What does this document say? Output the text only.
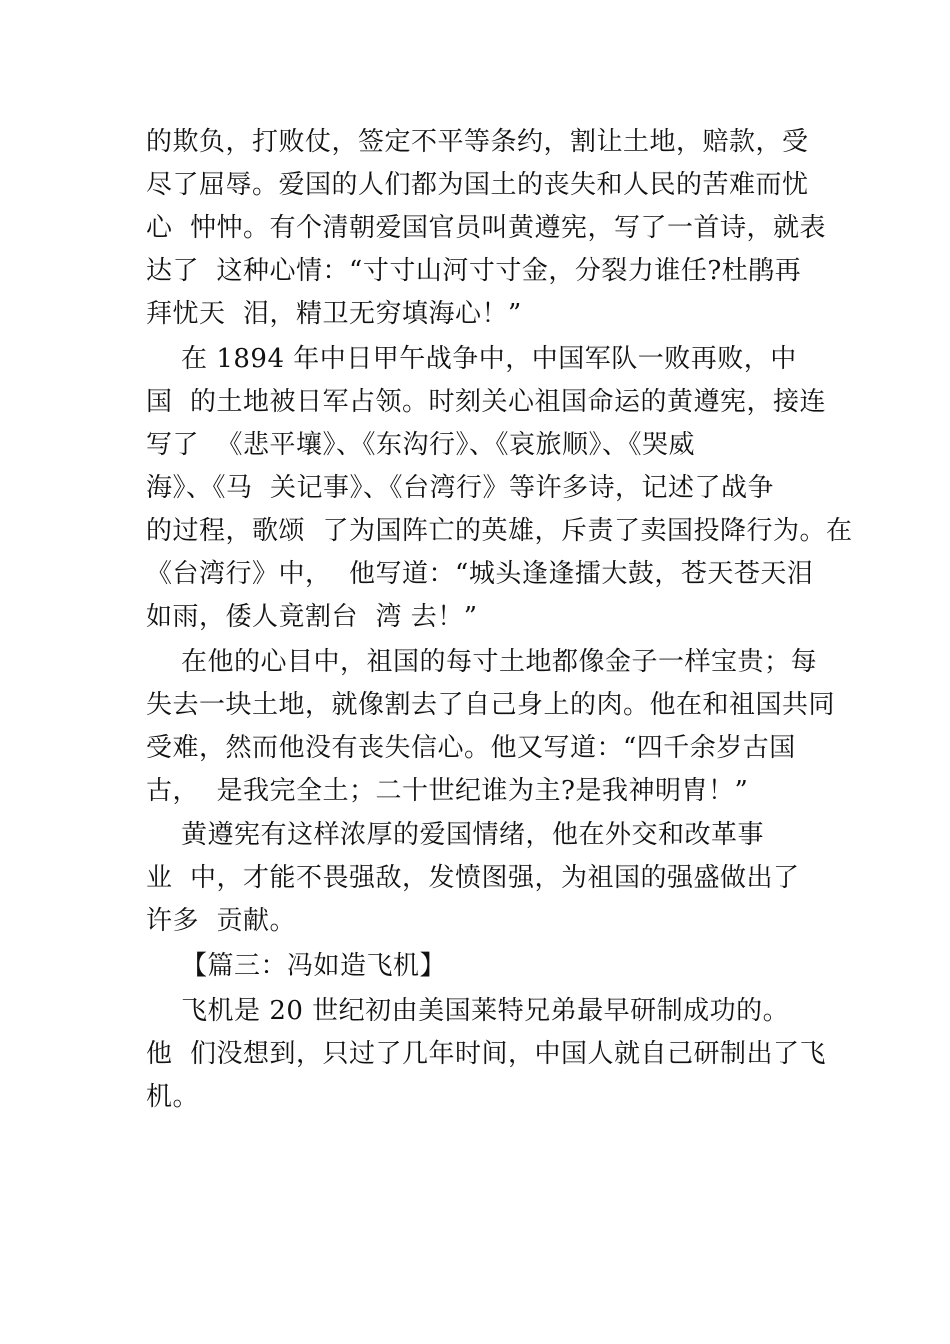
的欺负，打败仗，签定不平等条约，割让土地，赔款，受
尽了屈辱。爱国的人们都为国土的丧失和人民的苦难而忧
心  忡忡。有个清朝爱国官员叫黄遵宪，写了一首诗，就表
达了  这种心情：“寸寸山河寸寸金，分裂力谁任?杜鹃再
拜忧天  泪，精卫无穷填海心！”
在 1894 年中日甲午战争中，中国军队一败再败，中
国  的土地被日军占领。时刻关心祖国命运的黄遵宪，接连
写了  《悲平壤》、《东沟行》、《哀旅顺》、《哭威
海》、《马  关记事》、《台湾行》等许多诗，记述了战争
的过程，歌颂  了为国阵亡的英雄，斥责了卖国投降行为。在
《台湾行》中，  他写道：“城头逢逢擂大鼓，苍天苍天泪
如雨，倭人竟割台  湾 去！”
在他的心目中，祖国的每寸土地都像金子一样宝贵；每
失去一块土地，就像割去了自己身上的肉。他在和祖国共同
受难，然而他没有丧失信心。他又写道：“四千余岁古国
古，  是我完全土；二十世纪谁为主?是我神明胄！”
黄遵宪有这样浓厚的爱国情绪，他在外交和改革事
业  中，才能不畏强敌，发愤图强，为祖国的强盛做出了
许多  贡献。
【篇三：冯如造飞机】
飞机是 20 世纪初由美国莱特兄弟最早研制成功的。
他  们没想到，只过了几年时间，中国人就自己研制出了飞
机。
